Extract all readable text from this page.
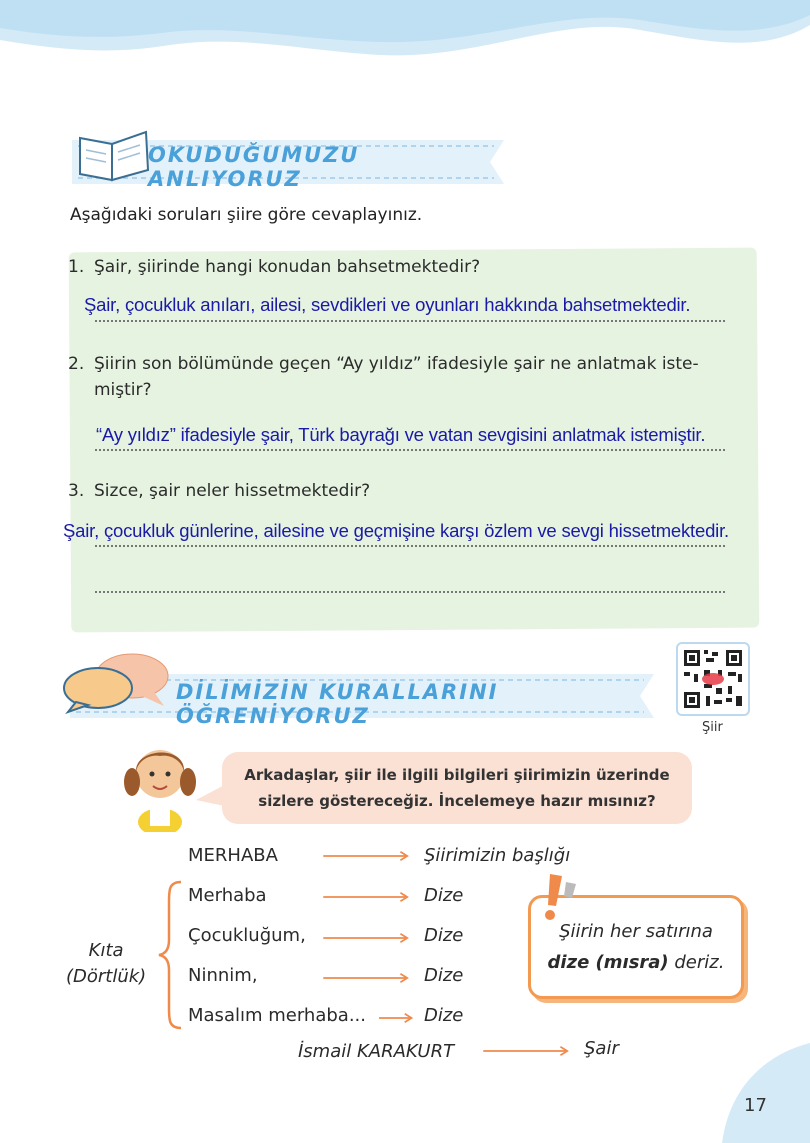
OKUDUĞUMUZU ANLIYORUZ
Aşağıdaki soruları şiire göre cevaplayınız.
1. Şair, şiirinde hangi konudan bahsetmektedir?
Şair, çocukluk anıları, ailesi, sevdikleri ve oyunları hakkında bahsetmektedir.
2. Şiirin son bölümünde geçen “Ay yıldız” ifadesiyle şair ne anlatmak iste-
miştir?
“Ay yıldız” ifadesiyle şair, Türk bayrağı ve vatan sevgisini anlatmak istemiştir.
3. Sizce, şair neler hissetmektedir?
Şair, çocukluk günlerine, ailesine ve geçmişine karşı özlem ve sevgi hissetmektedir.
DİLİMİZİN KURALLARINI ÖĞRENİYORUZ	Şiir
Arkadaşlar, şiir ile ilgili bilgileri şiirimizin üzerinde
sizlere göstereceğiz. İncelemeye hazır mısınız?
MERHABA	Şiirimizin başlığı
Kıta
(Dörtlük)
Merhaba	Dize
Çocukluğum,	Dize
Ninnim,	Dize
Masalım merhaba...	Dize
İsmail KARAKURT	Şair
Şiirin her satırına
dize (mısra) deriz.
17
